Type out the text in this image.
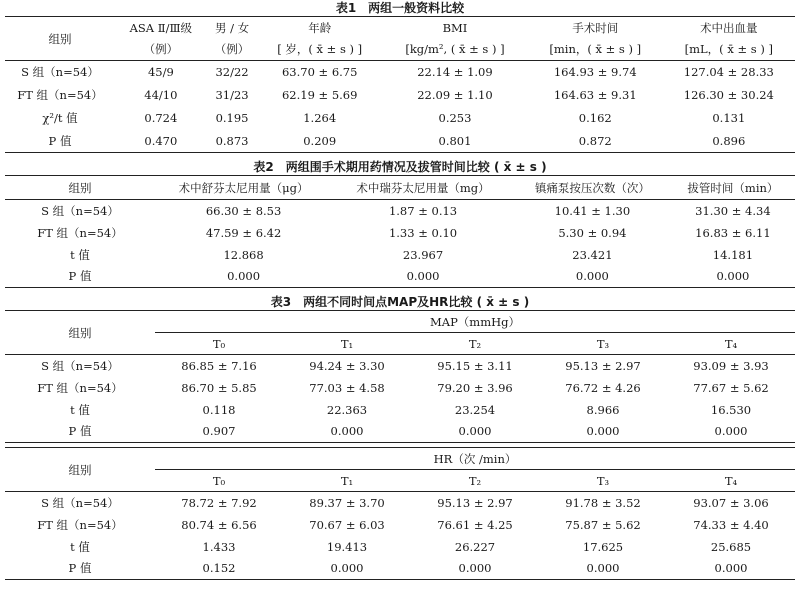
表1　两组一般资料比较
组别	ASA Ⅱ/Ⅲ级	男 / 女	年龄	BMI	手术时间	术中出血量
	（例）	（例）	[ 岁，( x̄ ± s ) ]	[kg/m², ( x̄ ± s ) ]	[min，( x̄ ± s ) ]	[mL，( x̄ ± s ) ]
S 组（n=54）	45/9	32/22	63.70 ± 6.75	22.14 ± 1.09	164.93 ± 9.74	127.04 ± 28.33
FT 组（n=54）	44/10	31/23	62.19 ± 5.69	22.09 ± 1.10	164.63 ± 9.31	126.30 ± 30.24
χ²/t 值	0.724	0.195	1.264	0.253	0.162	0.131
P 值	0.470	0.873	0.209	0.801	0.872	0.896
表2　两组围手术期用药情况及拔管时间比较 ( x̄ ± s )
组别	术中舒芬太尼用量（μg）	术中瑞芬太尼用量（mg）	镇痛泵按压次数（次）	拔管时间（min）
S 组（n=54）	66.30 ± 8.53	1.87 ± 0.13	10.41 ± 1.30	31.30 ± 4.34
FT 组（n=54）	47.59 ± 6.42	1.33 ± 0.10	5.30 ± 0.94	16.83 ± 6.11
t 值	12.868	23.967	23.421	14.181
P 值	0.000	0.000	0.000	0.000
表3　两组不同时间点MAP及HR比较 ( x̄ ± s )
组别	MAP（mmHg）				
	T₀	T₁	T₂	T₃	T₄
S 组（n=54）	86.85 ± 7.16	94.24 ± 3.30	95.15 ± 3.11	95.13 ± 2.97	93.09 ± 3.93
FT 组（n=54）	86.70 ± 5.85	77.03 ± 4.58	79.20 ± 3.96	76.72 ± 4.26	77.67 ± 5.62
t 值	0.118	22.363	23.254	8.966	16.530
P 值	0.907	0.000	0.000	0.000	0.000
组别	HR（次 /min）				
	T₀	T₁	T₂	T₃	T₄
S 组（n=54）	78.72 ± 7.92	89.37 ± 3.70	95.13 ± 2.97	91.78 ± 3.52	93.07 ± 3.06
FT 组（n=54）	80.74 ± 6.56	70.67 ± 6.03	76.61 ± 4.25	75.87 ± 5.62	74.33 ± 4.40
t 值	1.433	19.413	26.227	17.625	25.685
P 值	0.152	0.000	0.000	0.000	0.000
